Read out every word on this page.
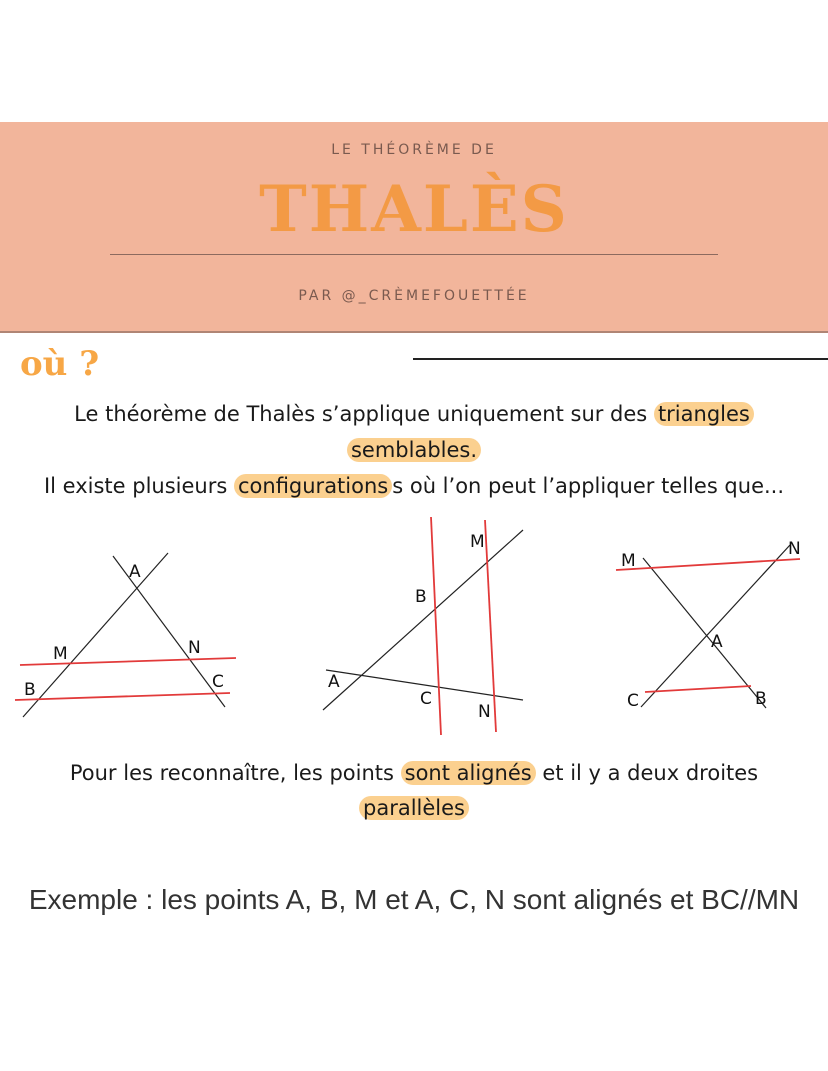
LE THÉORÈME DE
THALÈS
PAR @_CRÈMEFOUETTÉE
où ?
Le théorème de Thalès s’applique uniquement sur des triangles
semblables.
Il existe plusieurs configurations s où l’on peut l’appliquer telles que...
A
M	N
B	C
M
B
A
C
N
M
N
A
C	B
Pour les reconnaître, les points sont alignés et il y a deux droites
parallèles
Exemple : les points A, B, M et A, C, N sont alignés et BC//MN
